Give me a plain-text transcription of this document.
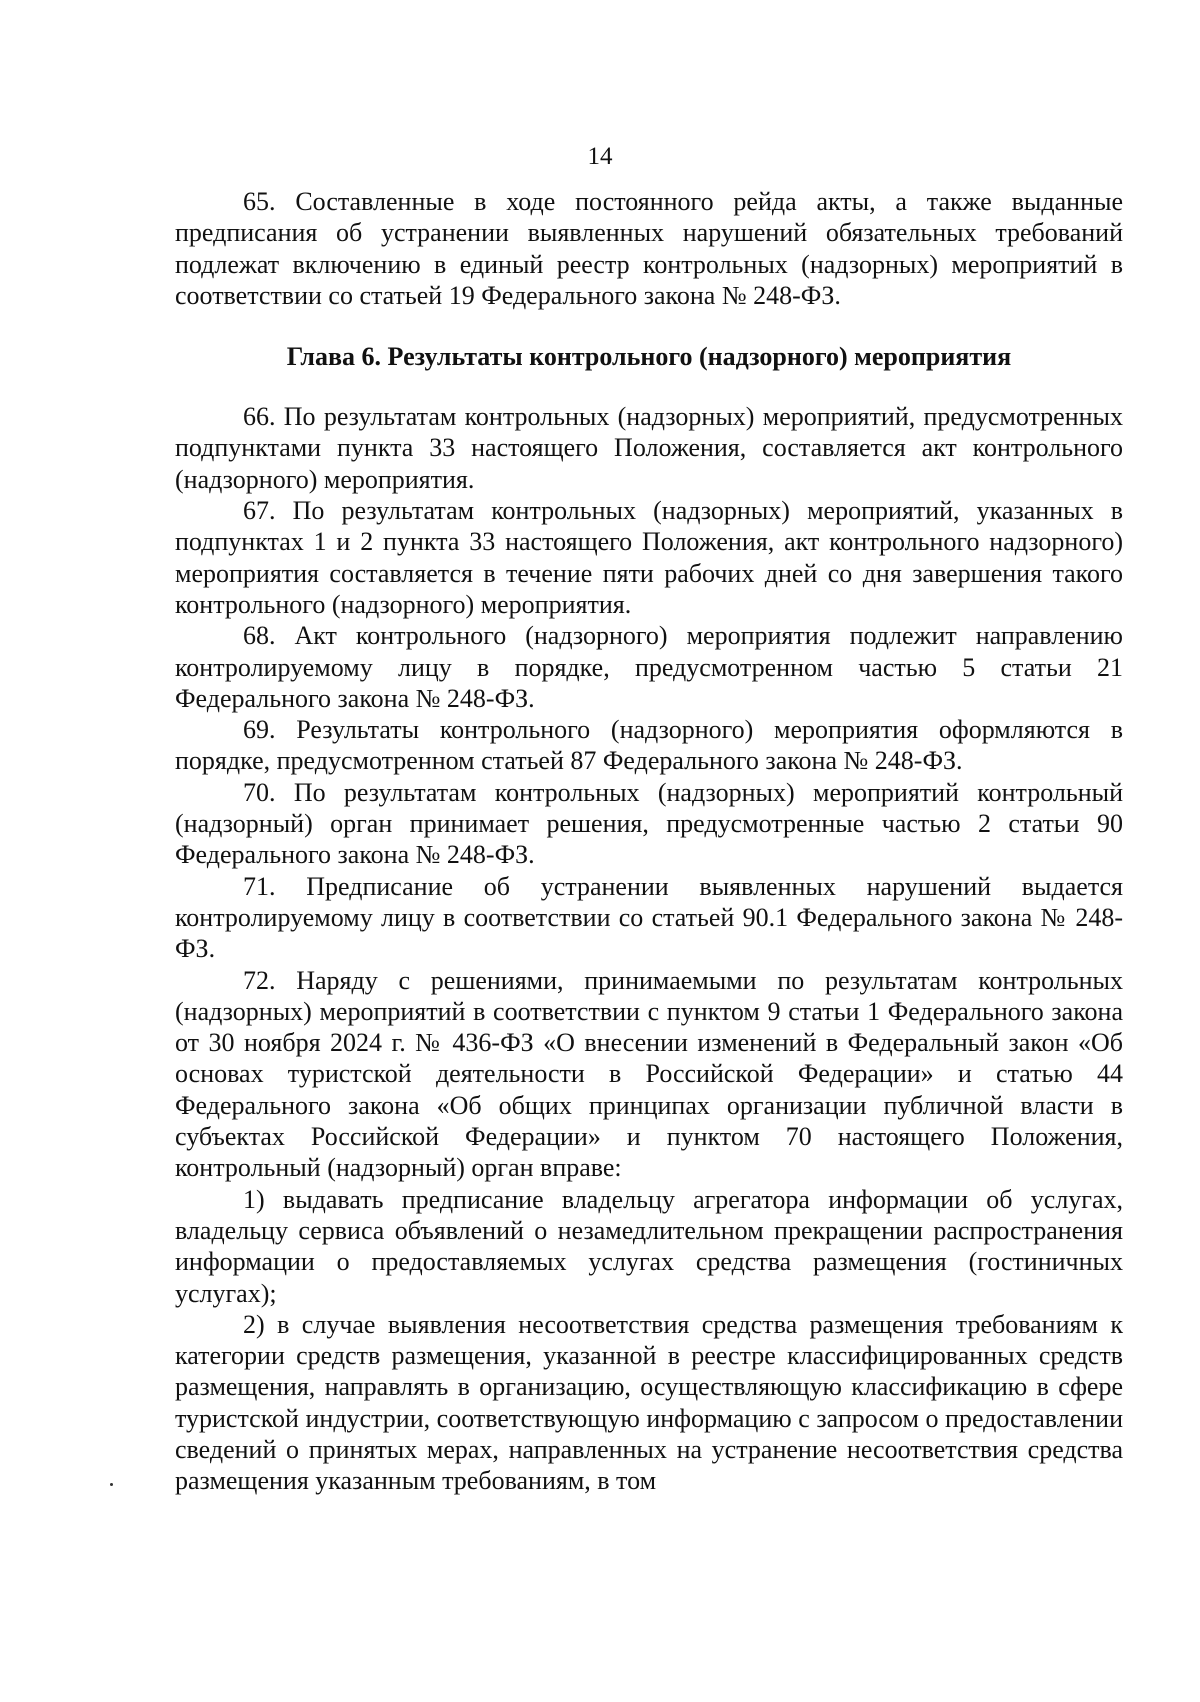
14

65. Составленные в ходе постоянного рейда акты, а также выданные предписания об устранении выявленных нарушений обязательных требований подлежат включению в единый реестр контрольных (надзорных) мероприятий в соответствии со статьей 19 Федерального закона № 248-ФЗ.

Глава 6. Результаты контрольного (надзорного) мероприятия

66. По результатам контрольных (надзорных) мероприятий, предусмотренных подпунктами пункта 33 настоящего Положения, составляется акт контрольного (надзорного) мероприятия.

67. По результатам контрольных (надзорных) мероприятий, указанных в подпунктах 1 и 2 пункта 33 настоящего Положения, акт контрольного надзорного) мероприятия составляется в течение пяти рабочих дней со дня завершения такого контрольного (надзорного) мероприятия.

68. Акт контрольного (надзорного) мероприятия подлежит направлению контролируемому лицу в порядке, предусмотренном частью 5 статьи 21 Федерального закона № 248-ФЗ.

69. Результаты контрольного (надзорного) мероприятия оформляются в порядке, предусмотренном статьей 87 Федерального закона № 248-ФЗ.

70. По результатам контрольных (надзорных) мероприятий контрольный (надзорный) орган принимает решения, предусмотренные частью 2 статьи 90 Федерального закона № 248-ФЗ.

71. Предписание об устранении выявленных нарушений выдается контролируемому лицу в соответствии со статьей 90.1 Федерального закона № 248-ФЗ.

72. Наряду с решениями, принимаемыми по результатам контрольных (надзорных) мероприятий в соответствии с пунктом 9 статьи 1 Федерального закона от 30 ноября 2024 г. № 436-ФЗ «О внесении изменений в Федеральный закон «Об основах туристской деятельности в Российской Федерации» и статью 44 Федерального закона «Об общих принципах организации публичной власти в субъектах Российской Федерации» и пунктом 70 настоящего Положения, контрольный (надзорный) орган вправе:

1) выдавать предписание владельцу агрегатора информации об услугах, владельцу сервиса объявлений о незамедлительном прекращении распространения информации о предоставляемых услугах средства размещения (гостиничных услугах);

2) в случае выявления несоответствия средства размещения требованиям к категории средств размещения, указанной в реестре классифицированных средств размещения, направлять в организацию, осуществляющую классификацию в сфере туристской индустрии, соответствующую информацию с запросом о предоставлении сведений о принятых мерах, направленных на устранение несоответствия средства размещения указанным требованиям, в том
